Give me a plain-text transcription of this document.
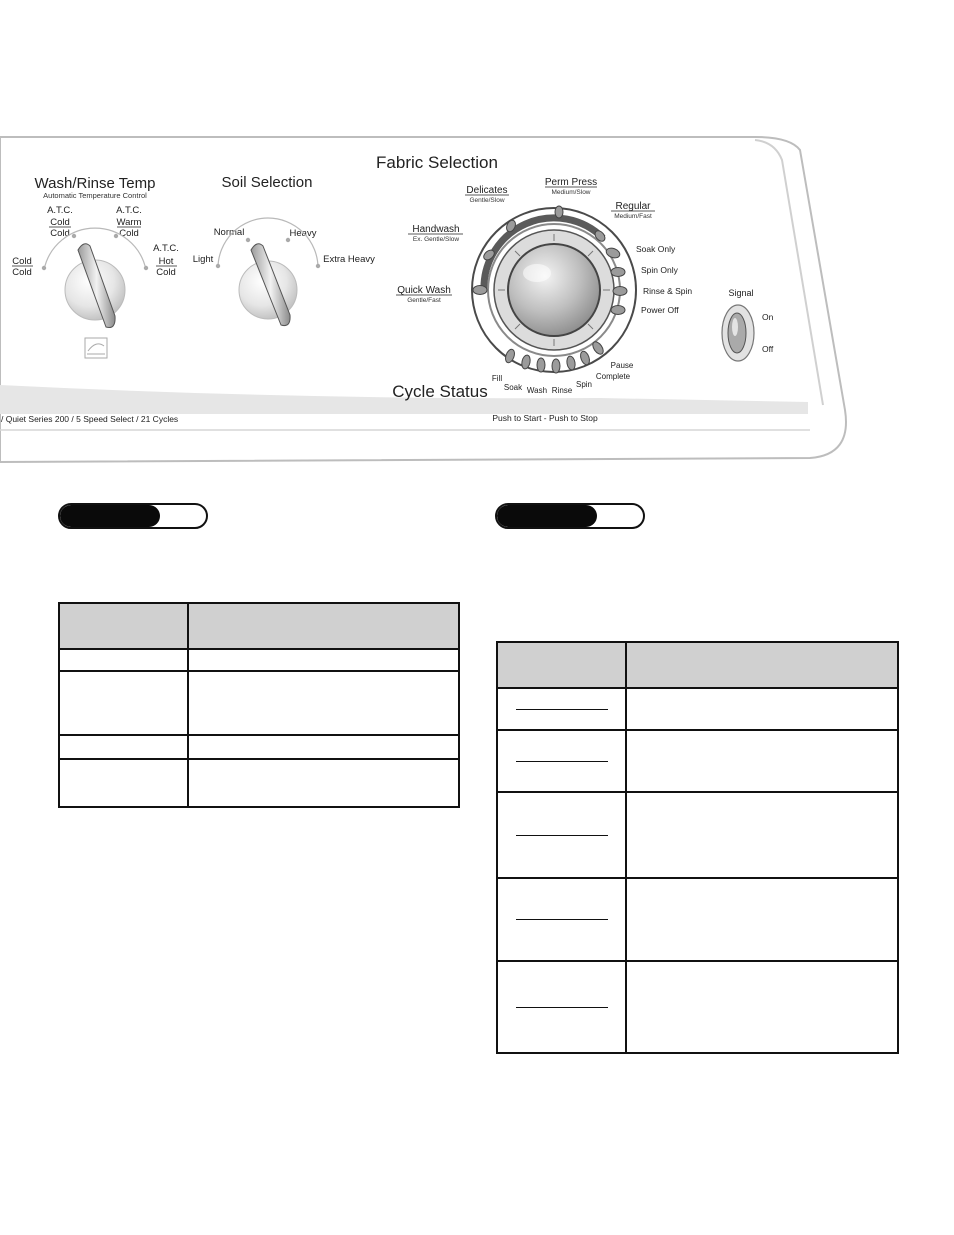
Wash/Rinse Temp
Automatic Temperature Control
Cold
Cold
A.T.C.
Cold
Cold
A.T.C.
Warm
Cold
A.T.C.
Hot
Cold
Soil Selection
Light
Normal	Heavy
Extra Heavy
Fabric Selection
Quick Wash
Gentle/Fast
Handwash
Ex. Gentle/Slow
Delicates
Gentle/Slow
Perm Press
Medium/Slow
Regular
Medium/Fast
Soak Only
Spin Only
Rinse & Spin
Power Off
Cycle Status
Fill
Soak Wash Rinse
Spin
Complete
Pause
Signal
On
Off
/ Quiet Series 200 / 5 Speed Select / 21 Cycles	Push to Start - Push to Stop
